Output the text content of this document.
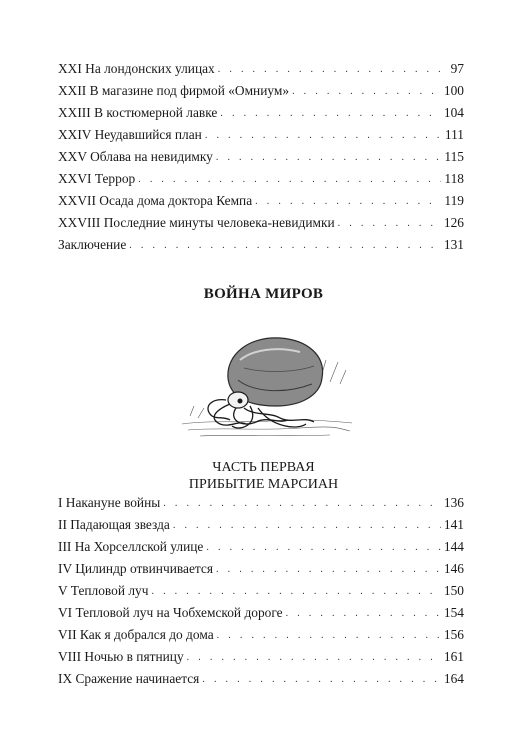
XXI На лондонских улицах . . .	97
XXII В магазине под фирмой «Омниум» . . .	100
XXIII В костюмерной лавке . . .	104
XXIV Неудавшийся план . . .	111
XXV Облава на невидимку . . .	115
XXVI Террор . . .	118
XXVII Осада дома доктора Кемпа . . .	119
XXVIII Последние минуты человека-невидимки . . .	126
Заключение . . .	131
ВОЙНА МИРОВ
ЧАСТЬ ПЕРВАЯ
ПРИБЫТИЕ МАРСИАН
I Накануне войны . . .	136
II Падающая звезда . . .	141
III На Хорселлской улице . . .	144
IV Цилиндр отвинчивается . . .	146
V Тепловой луч . . .	150
VI Тепловой луч на Чобхемской дороге . . .	154
VII Как я добрался до дома . . .	156
VIII Ночью в пятницу . . .	161
IX Сражение начинается . . .	164
